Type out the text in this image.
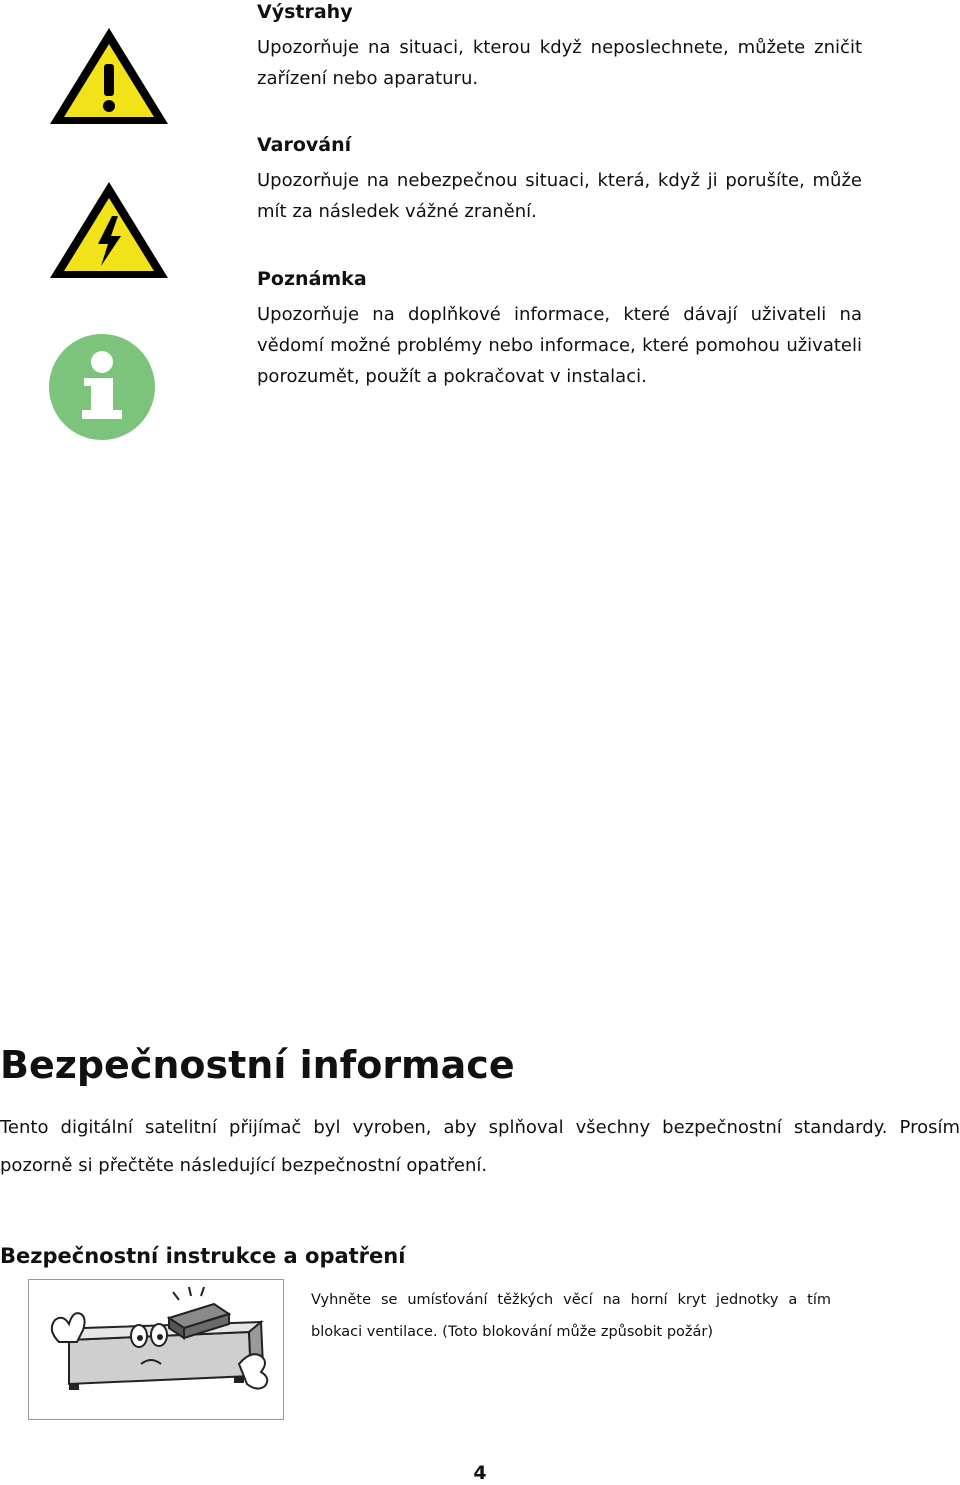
Výstrahy
Upozorňuje na situaci, kterou když neposlechnete, můžete zničit zařízení nebo aparaturu.
Varování
Upozorňuje na nebezpečnou situaci, která, když ji porušíte, může mít za následek vážné zranění.
Poznámka
Upozorňuje na doplňkové informace, které dávají uživateli na vědomí možné problémy nebo informace, které pomohou uživateli porozumět, použít a pokračovat v instalaci.
Bezpečnostní informace
Tento digitální satelitní přijímač byl vyroben, aby splňoval všechny bezpečnostní standardy. Prosím pozorně si přečtěte následující bezpečnostní opatření.
Bezpečnostní instrukce a opatření
Vyhněte se umísťování těžkých věcí na horní kryt jednotky a tím blokaci ventilace. (Toto blokování může způsobit požár)
4
